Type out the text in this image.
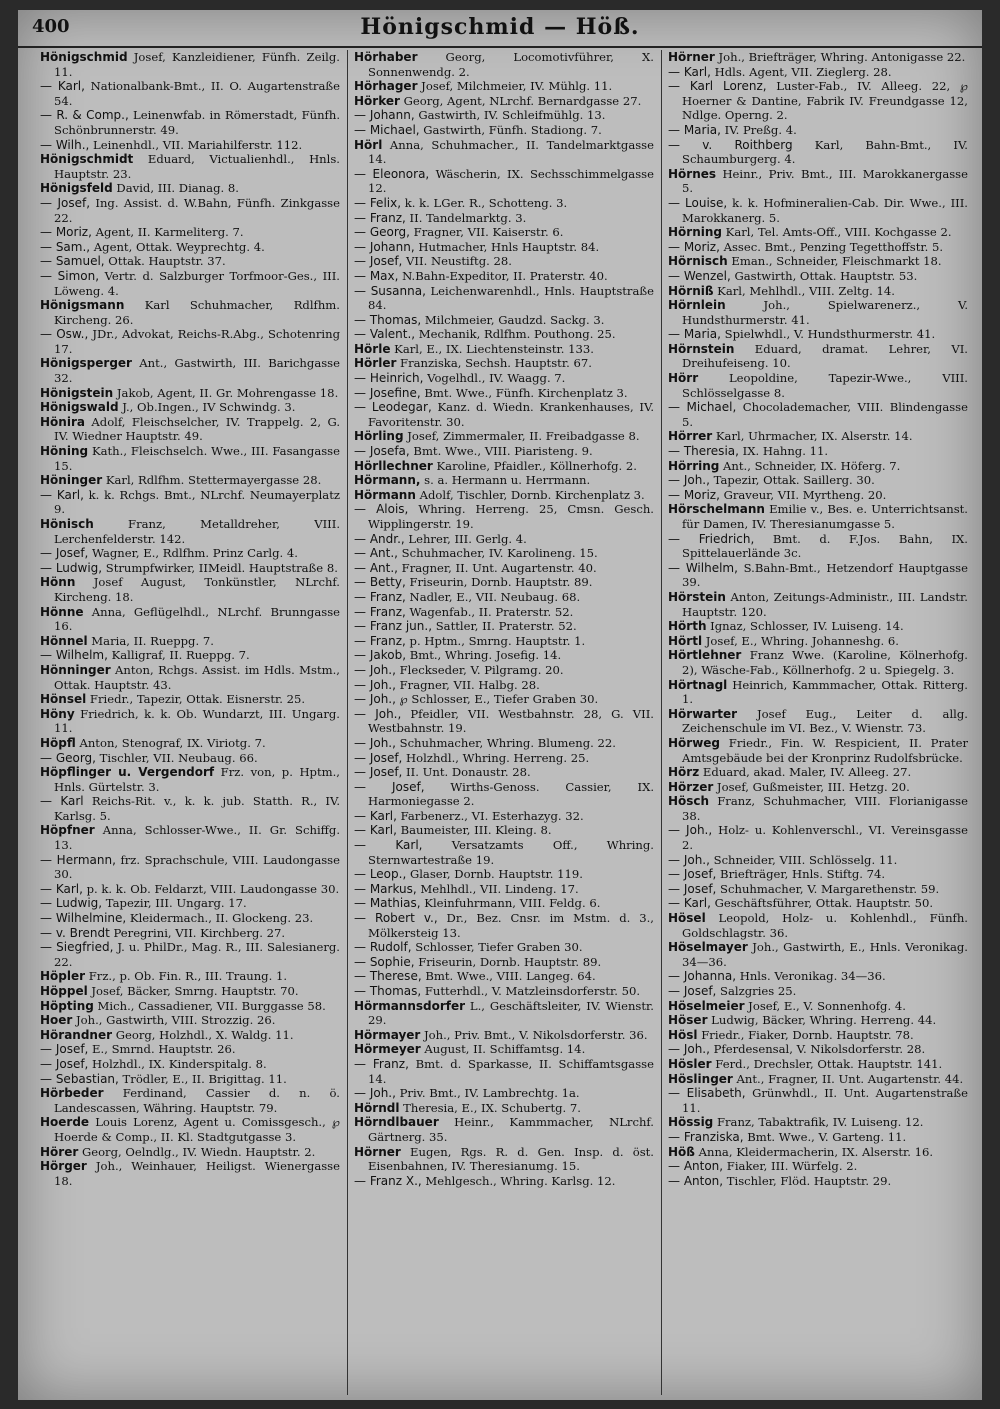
400	Hönigschmid — Höß.

Hönigschmid Josef, Kanzleidiener, Fünfh. Zeilg. 11.

— Karl, Nationalbank-Bmt., II. O. Augartenstraße 54.

— R. & Comp., Leinenwfab. in Römerstadt, Fünfh. Schönbrunnerstr. 49.

— Wilh., Leinenhdl., VII. Mariahilferstr. 112.

Hönigschmidt Eduard, Victualienhdl., Hnls. Hauptstr. 23.

Hönigsfeld David, III. Dianag. 8.

— Josef, Ing. Assist. d. W.Bahn, Fünfh. Zinkgasse 22.

— Moriz, Agent, II. Karmeliterg. 7.

— Sam., Agent, Ottak. Weyprechtg. 4.

— Samuel, Ottak. Hauptstr. 37.

— Simon, Vertr. d. Salzburger Torfmoor-Ges., III. Löweng. 4.

Hönigsmann Karl Schuhmacher, Rdlfhm. Kircheng. 26.

— Osw., JDr., Advokat, Reichs-R.Abg., Schotenring 17.

Hönigsperger Ant., Gastwirth, III. Barichgasse 32.

Hönigstein Jakob, Agent, II. Gr. Mohrengasse 18.

Hönigswald J., Ob.Ingen., IV Schwindg. 3.

Hönira Adolf, Fleischselcher, IV. Trappelg. 2, G. IV. Wiedner Hauptstr. 49.

Höning Kath., Fleischselch. Wwe., III. Fasangasse 15.

Höninger Karl, Rdlfhm. Stettermayergasse 28.

— Karl, k. k. Rchgs. Bmt., NLrchf. Neumayerplatz 9.

Hönisch Franz, Metalldreher, VIII. Lerchenfelderstr. 142.

— Josef, Wagner, E., Rdlfhm. Prinz Carlg. 4.

— Ludwig, Strumpfwirker, IIMeidl. Hauptstraße 8.

Hönn Josef August, Tonkünstler, NLrchf. Kircheng. 18.

Hönne Anna, Geflügelhdl., NLrchf. Brunngasse 16.

Hönnel Maria, II. Rueppg. 7.

— Wilhelm, Kalligraf, II. Rueppg. 7.

Hönninger Anton, Rchgs. Assist. im Hdls. Mstm., Ottak. Hauptstr. 43.

Hönsel Friedr., Tapezir, Ottak. Eisnerstr. 25.

Höny Friedrich, k. k. Ob. Wundarzt, III. Ungarg. 11.

Höpfl Anton, Stenograf, IX. Viriotg. 7.

— Georg, Tischler, VII. Neubaug. 66.

Höpflinger u. Vergendorf Frz. von, p. Hptm., Hnls. Gürtelstr. 3.

— Karl Reichs-Rit. v., k. k. jub. Statth. R., IV. Karlsg. 5.

Höpfner Anna, Schlosser-Wwe., II. Gr. Schiffg. 13.

— Hermann, frz. Sprachschule, VIII. Laudongasse 30.

— Karl, p. k. k. Ob. Feldarzt, VIII. Laudongasse 30.

— Ludwig, Tapezir, III. Ungarg. 17.

— Wilhelmine, Kleidermach., II. Glockeng. 23.

— v. Brendt Peregrini, VII. Kirchberg. 27.

— Siegfried, J. u. PhilDr., Mag. R., III. Salesianerg. 22.

Höpler Frz., p. Ob. Fin. R., III. Traung. 1.

Höppel Josef, Bäcker, Smrng. Hauptstr. 70.

Höpting Mich., Cassadiener, VII. Burggasse 58.

Hoer Joh., Gastwirth, VIII. Strozzig. 26.

Hörandner Georg, Holzhdl., X. Waldg. 11.

— Josef, E., Smrnd. Hauptstr. 26.

— Josef, Holzhdl., IX. Kinderspitalg. 8.

— Sebastian, Trödler, E., II. Brigittag. 11.

Hörbeder Ferdinand, Cassier d. n. ö. Landescassen, Währing. Hauptstr. 79.

Hoerde Louis Lorenz, Agent u. Comissgesch., ℘ Hoerde & Comp., II. Kl. Stadtgutgasse 3.

Hörer Georg, Oelndlg., IV. Wiedn. Hauptstr. 2.

Hörger Joh., Weinhauer, Heiligst. Wienergasse 18.

Hörhaber Georg, Locomotivführer, X. Sonnenwendg. 2.

Hörhager Josef, Milchmeier, IV. Mühlg. 11.

Hörker Georg, Agent, NLrchf. Bernardgasse 27.

— Johann, Gastwirth, IV. Schleifmühlg. 13.

— Michael, Gastwirth, Fünfh. Stadiong. 7.

Hörl Anna, Schuhmacher., II. Tandelmarktgasse 14.

— Eleonora, Wäscherin, IX. Sechsschimmelgasse 12.

— Felix, k. k. LGer. R., Schotteng. 3.

— Franz, II. Tandelmarktg. 3.

— Georg, Fragner, VII. Kaiserstr. 6.

— Johann, Hutmacher, Hnls Hauptstr. 84.

— Josef, VII. Neustiftg. 28.

— Max, N.Bahn-Expeditor, II. Praterstr. 40.

— Susanna, Leichenwarenhdl., Hnls. Hauptstraße 84.

— Thomas, Milchmeier, Gaudzd. Sackg. 3.

— Valent., Mechanik, Rdlfhm. Pouthong. 25.

Hörle Karl, E., IX. Liechtensteinstr. 133.

Hörler Franziska, Sechsh. Hauptstr. 67.

— Heinrich, Vogelhdl., IV. Waagg. 7.

— Josefine, Bmt. Wwe., Fünfh. Kirchenplatz 3.

— Leodegar, Kanz. d. Wiedn. Krankenhauses, IV. Favoritenstr. 30.

Hörling Josef, Zimmermaler, II. Freibadgasse 8.

— Josefa, Bmt. Wwe., VIII. Piaristeng. 9.

Hörllechner Karoline, Pfaidler., Köllnerhofg. 2.

Hörmann, s. a. Hermann u. Herrmann.

Hörmann Adolf, Tischler, Dornb. Kirchenplatz 3.

— Alois, Whring. Herreng. 25, Cmsn. Gesch. Wipplingerstr. 19.

— Andr., Lehrer, III. Gerlg. 4.

— Ant., Schuhmacher, IV. Karolineng. 15.

— Ant., Fragner, II. Unt. Augartenstr. 40.

— Betty, Friseurin, Dornb. Hauptstr. 89.

— Franz, Nadler, E., VII. Neubaug. 68.

— Franz, Wagenfab., II. Praterstr. 52.

— Franz jun., Sattler, II. Praterstr. 52.

— Franz, p. Hptm., Smrng. Hauptstr. 1.

— Jakob, Bmt., Whring. Josefig. 14.

— Joh., Fleckseder, V. Pilgramg. 20.

— Joh., Fragner, VII. Halbg. 28.

— Joh., ℘ Schlosser, E., Tiefer Graben 30.

— Joh., Pfeidler, VII. Westbahnstr. 28, G. VII. Westbahnstr. 19.

— Joh., Schuhmacher, Whring. Blumeng. 22.

— Josef, Holzhdl., Whring. Herreng. 25.

— Josef, II. Unt. Donaustr. 28.

— Josef, Wirths-Genoss. Cassier, IX. Harmoniegasse 2.

— Karl, Farbenerz., VI. Esterhazyg. 32.

— Karl, Baumeister, III. Kleing. 8.

— Karl, Versatzamts Off., Whring. Sternwartestraße 19.

— Leop., Glaser, Dornb. Hauptstr. 119.

— Markus, Mehlhdl., VII. Lindeng. 17.

— Mathias, Kleinfuhrmann, VIII. Feldg. 6.

— Robert v., Dr., Bez. Cnsr. im Mstm. d. 3., Mölkersteig 13.

— Rudolf, Schlosser, Tiefer Graben 30.

— Sophie, Friseurin, Dornb. Hauptstr. 89.

— Therese, Bmt. Wwe., VIII. Langeg. 64.

— Thomas, Futterhdl., V. Matzleinsdorferstr. 50.

Hörmannsdorfer L., Geschäftsleiter, IV. Wienstr. 29.

Hörmayer Joh., Priv. Bmt., V. Nikolsdorferstr. 36.

Hörmeyer August, II. Schiffamtsg. 14.

— Franz, Bmt. d. Sparkasse, II. Schiffamtsgasse 14.

— Joh., Priv. Bmt., IV. Lambrechtg. 1a.

Hörndl Theresia, E., IX. Schubertg. 7.

Hörndlbauer Heinr., Kammmacher, NLrchf. Gärtnerg. 35.

Hörner Eugen, Rgs. R. d. Gen. Insp. d. öst. Eisenbahnen, IV. Theresianumg. 15.

— Franz X., Mehlgesch., Whring. Karlsg. 12.

Hörner Joh., Briefträger, Whring. Antonigasse 22.

— Karl, Hdls. Agent, VII. Zieglerg. 28.

— Karl Lorenz, Luster-Fab., IV. Alleeg. 22, ℘ Hoerner & Dantine, Fabrik IV. Freundgasse 12, Ndlge. Operng. 2.

— Maria, IV. Preßg. 4.

— v. Roithberg Karl, Bahn-Bmt., IV. Schaumburgerg. 4.

Hörnes Heinr., Priv. Bmt., III. Marokkanergasse 5.

— Louise, k. k. Hofmineralien-Cab. Dir. Wwe., III. Marokkanerg. 5.

Hörning Karl, Tel. Amts-Off., VIII. Kochgasse 2.

— Moriz, Assec. Bmt., Penzing Tegetthoffstr. 5.

Hörnisch Eman., Schneider, Fleischmarkt 18.

— Wenzel, Gastwirth, Ottak. Hauptstr. 53.

Hörniß Karl, Mehlhdl., VIII. Zeltg. 14.

Hörnlein Joh., Spielwarenerz., V. Hundsthurmerstr. 41.

— Maria, Spielwhdl., V. Hundsthurmerstr. 41.

Hörnstein Eduard, dramat. Lehrer, VI. Dreihufeiseng. 10.

Hörr Leopoldine, Tapezir-Wwe., VIII. Schlösselgasse 8.

— Michael, Chocolademacher, VIII. Blindengasse 5.

Hörrer Karl, Uhrmacher, IX. Alserstr. 14.

— Theresia, IX. Hahng. 11.

Hörring Ant., Schneider, IX. Höferg. 7.

— Joh., Tapezir, Ottak. Saillerg. 30.

— Moriz, Graveur, VII. Myrtheng. 20.

Hörschelmann Emilie v., Bes. e. Unterrichtsanst. für Damen, IV. Theresianumgasse 5.

— Friedrich, Bmt. d. F.Jos. Bahn, IX. Spittelauerlände 3c.

— Wilhelm, S.Bahn-Bmt., Hetzendorf Hauptgasse 39.

Hörstein Anton, Zeitungs-Administr., III. Landstr. Hauptstr. 120.

Hörth Ignaz, Schlosser, IV. Luiseng. 14.

Hörtl Josef, E., Whring. Johanneshg. 6.

Hörtlehner Franz Wwe. (Karoline, Kölnerhofg. 2), Wäsche-Fab., Köllnerhofg. 2 u. Spiegelg. 3.

Hörtnagl Heinrich, Kammmacher, Ottak. Ritterg. 1.

Hörwarter Josef Eug., Leiter d. allg. Zeichenschule im VI. Bez., V. Wienstr. 73.

Hörweg Friedr., Fin. W. Respicient, II. Prater Amtsgebäude bei der Kronprinz Rudolfsbrücke.

Hörz Eduard, akad. Maler, IV. Alleeg. 27.

Hörzer Josef, Gußmeister, III. Hetzg. 20.

Hösch Franz, Schuhmacher, VIII. Florianigasse 38.

— Joh., Holz- u. Kohlenverschl., VI. Vereinsgasse 2.

— Joh., Schneider, VIII. Schlösselg. 11.

— Josef, Briefträger, Hnls. Stiftg. 74.

— Josef, Schuhmacher, V. Margarethenstr. 59.

— Karl, Geschäftsführer, Ottak. Hauptstr. 50.

Hösel Leopold, Holz- u. Kohlenhdl., Fünfh. Goldschlagstr. 36.

Höselmayer Joh., Gastwirth, E., Hnls. Veronikag. 34—36.

— Johanna, Hnls. Veronikag. 34—36.

— Josef, Salzgries 25.

Höselmeier Josef, E., V. Sonnenhofg. 4.

Höser Ludwig, Bäcker, Whring. Herreng. 44.

Hösl Friedr., Fiaker, Dornb. Hauptstr. 78.

— Joh., Pferdesensal, V. Nikolsdorferstr. 28.

Hösler Ferd., Drechsler, Ottak. Hauptstr. 141.

Höslinger Ant., Fragner, II. Unt. Augartenstr. 44.

— Elisabeth, Grünwhdl., II. Unt. Augartenstraße 11.

Hössig Franz, Tabaktrafik, IV. Luiseng. 12.

— Franziska, Bmt. Wwe., V. Garteng. 11.

Höß Anna, Kleidermacherin, IX. Alserstr. 16.

— Anton, Fiaker, III. Würfelg. 2.

— Anton, Tischler, Flöd. Hauptstr. 29.
